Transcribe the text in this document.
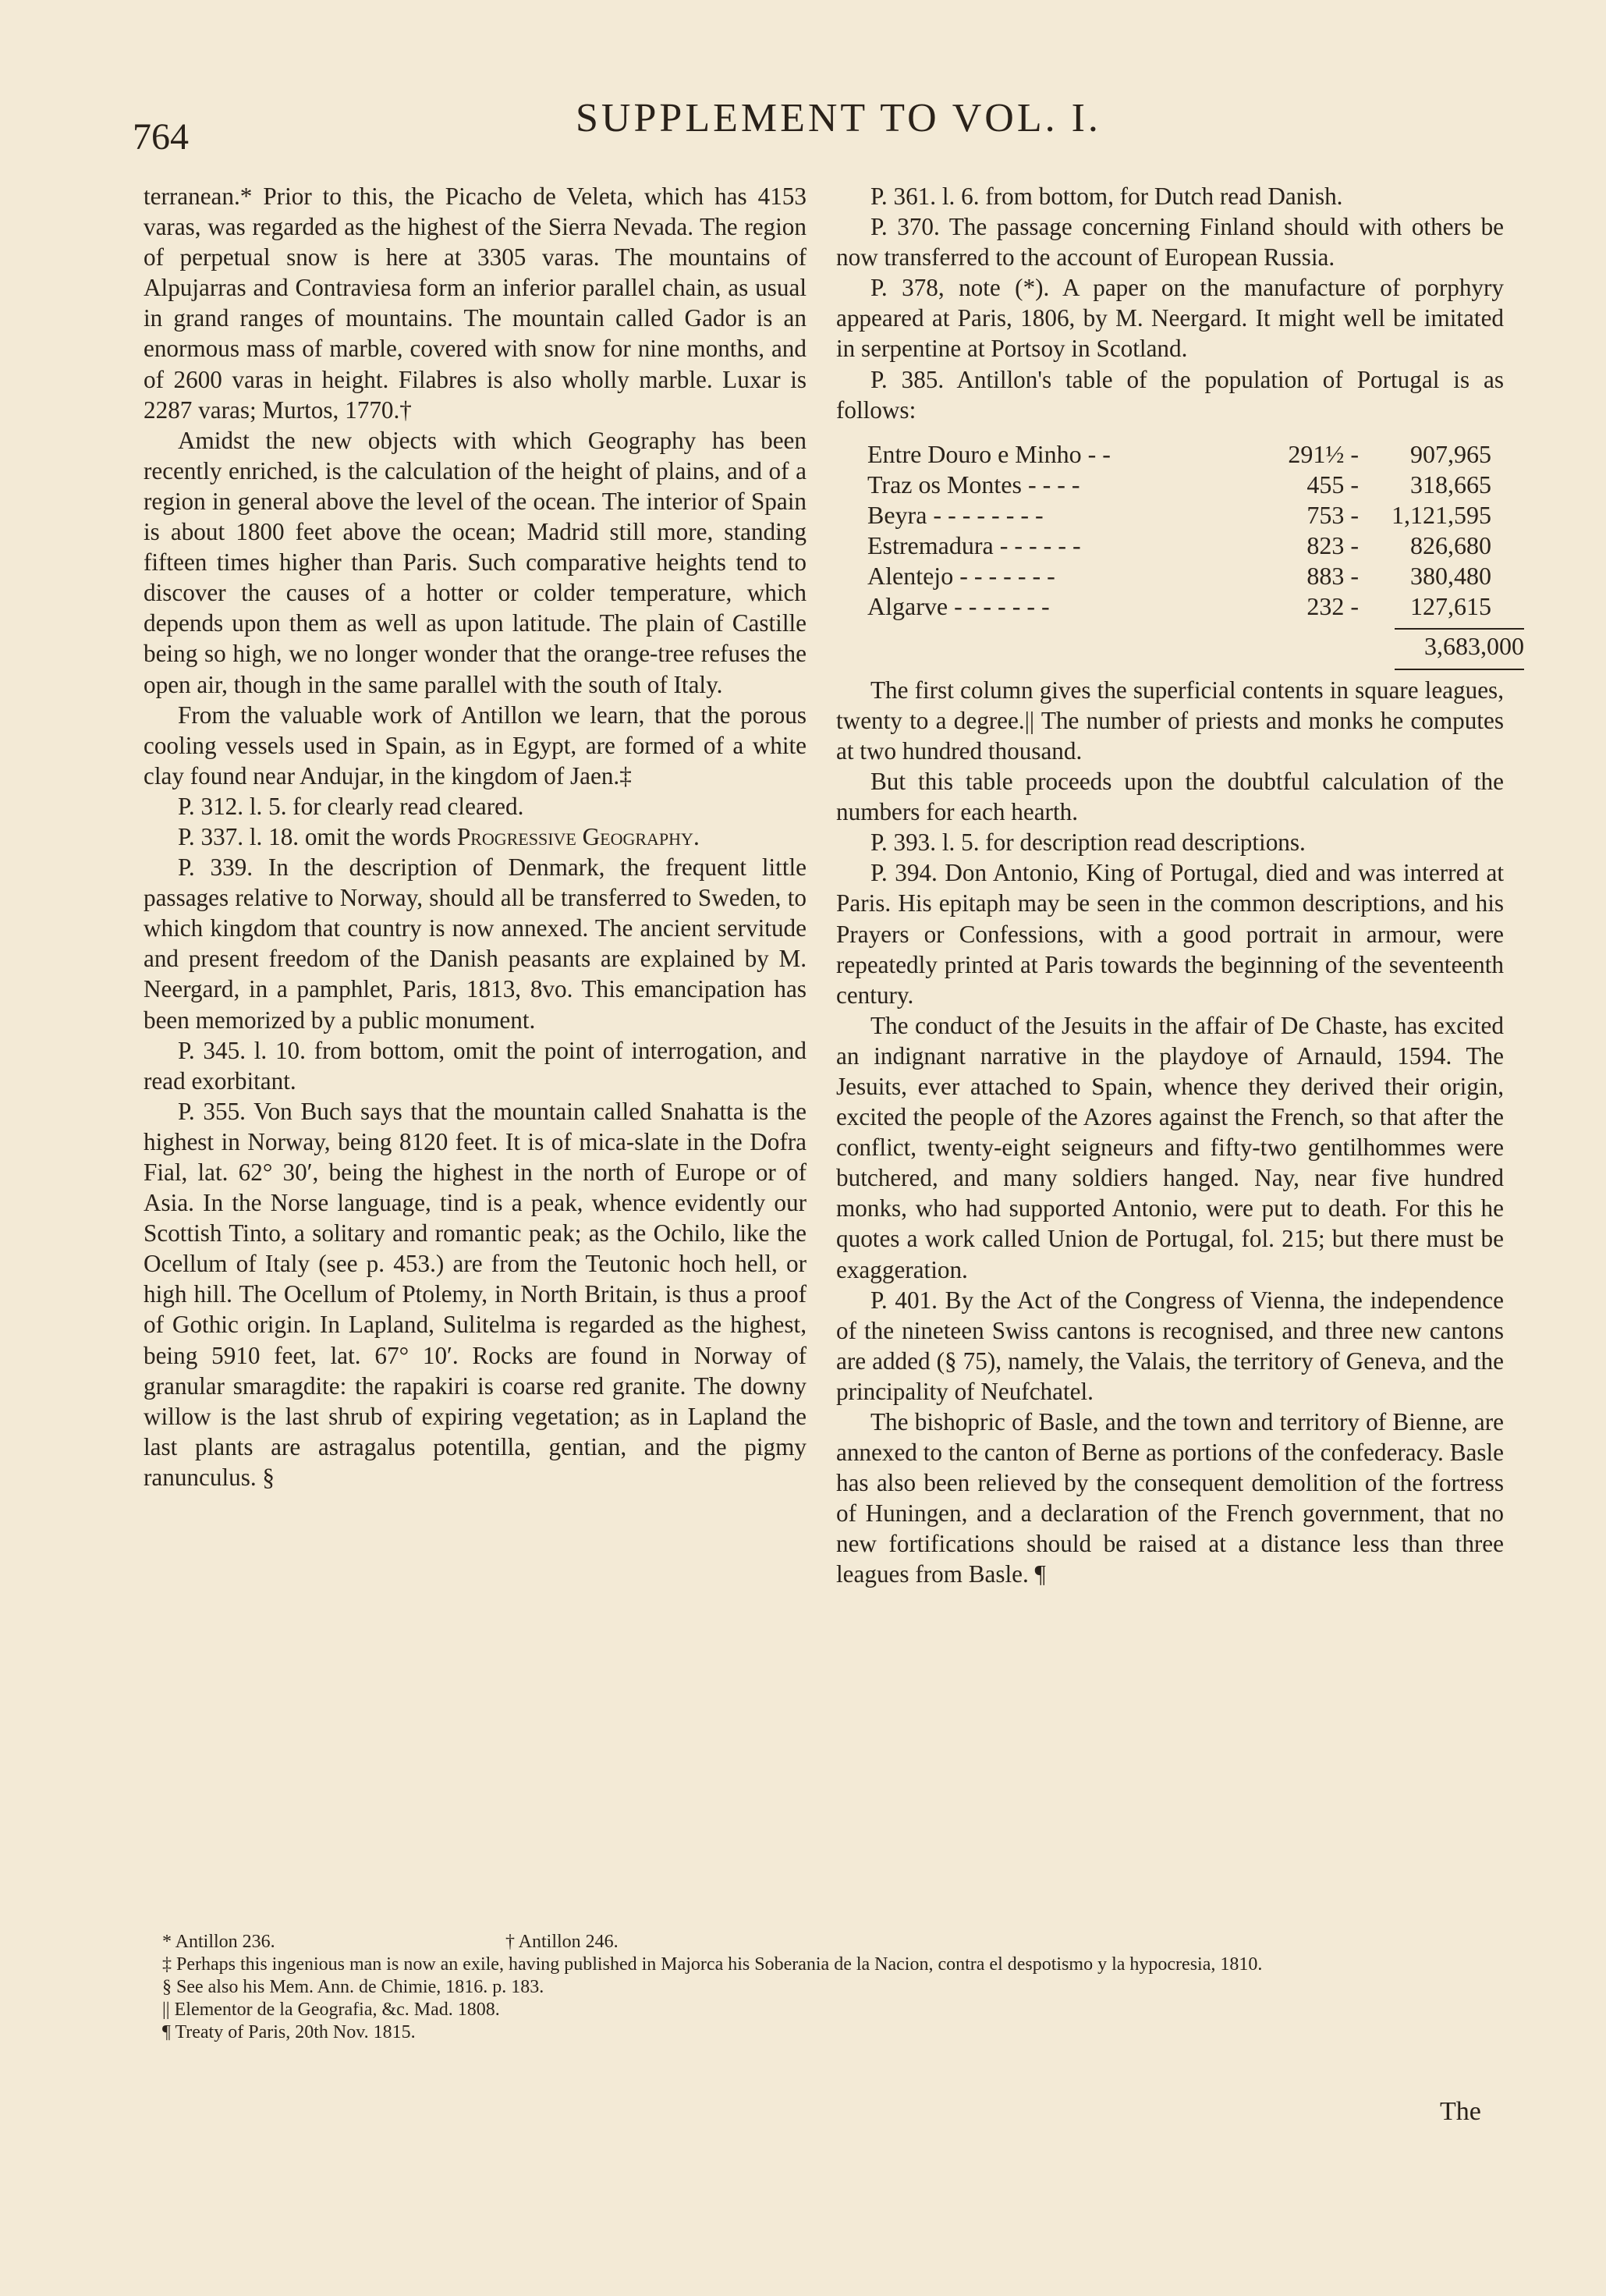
764	SUPPLEMENT TO VOL. I.

terranean.* Prior to this, the Picacho de Veleta, which has 4153 varas, was regarded as the highest of the Sierra Nevada. The region of perpetual snow is here at 3305 varas. The mountains of Alpujarras and Contraviesa form an inferior parallel chain, as usual in grand ranges of mountains. The mountain called Gador is an enormous mass of marble, covered with snow for nine months, and of 2600 varas in height. Filabres is also wholly marble. Luxar is 2287 varas; Murtos, 1770.†

Amidst the new objects with which Geography has been recently enriched, is the calculation of the height of plains, and of a region in general above the level of the ocean. The interior of Spain is about 1800 feet above the ocean; Madrid still more, standing fifteen times higher than Paris. Such comparative heights tend to discover the causes of a hotter or colder temperature, which depends upon them as well as upon latitude. The plain of Castille being so high, we no longer wonder that the orange-tree refuses the open air, though in the same parallel with the south of Italy.

From the valuable work of Antillon we learn, that the porous cooling vessels used in Spain, as in Egypt, are formed of a white clay found near Andujar, in the kingdom of Jaen.‡

P. 312. l. 5. for clearly read cleared.

P. 337. l. 18. omit the words Progressive Geography.

P. 339. In the description of Denmark, the frequent little passages relative to Norway, should all be transferred to Sweden, to which kingdom that country is now annexed. The ancient servitude and present freedom of the Danish peasants are explained by M. Neergard, in a pamphlet, Paris, 1813, 8vo. This emancipation has been memorized by a public monument.

P. 345. l. 10. from bottom, omit the point of interrogation, and read exorbitant.

P. 355. Von Buch says that the mountain called Snahatta is the highest in Norway, being 8120 feet. It is of mica-slate in the Dofra Fial, lat. 62° 30′, being the highest in the north of Europe or of Asia. In the Norse language, tind is a peak, whence evidently our Scottish Tinto, a solitary and romantic peak; as the Ochilo, like the Ocellum of Italy (see p. 453.) are from the Teutonic hoch hell, or high hill. The Ocellum of Ptolemy, in North Britain, is thus a proof of Gothic origin. In Lapland, Sulitelma is regarded as the highest, being 5910 feet, lat. 67° 10′. Rocks are found in Norway of granular smaragdite: the rapakiri is coarse red granite. The downy willow is the last shrub of expiring vegetation; as in Lapland the last plants are astragalus potentilla, gentian, and the pigmy ranunculus. §

P. 361. l. 6. from bottom, for Dutch read Danish.

P. 370. The passage concerning Finland should with others be now transferred to the account of European Russia.

P. 378, note (*). A paper on the manufacture of porphyry appeared at Paris, 1806, by M. Neergard. It might well be imitated in serpentine at Portsoy in Scotland.

P. 385. Antillon's table of the population of Portugal is as follows:

Entre Douro e Minho - -	291½ -	907,965
Traz os Montes - - - -	455 -	318,665
Beyra - - - - - - - -	753 -	1,121,595
Estremadura - - - - - -	823 -	826,680
Alentejo - - - - - - -	883 -	380,480
Algarve - - - - - - -	232 -	127,615
3,683,000

The first column gives the superficial contents in square leagues, twenty to a degree.|| The number of priests and monks he computes at two hundred thousand.

But this table proceeds upon the doubtful calculation of the numbers for each hearth.

P. 393. l. 5. for description read descriptions.

P. 394. Don Antonio, King of Portugal, died and was interred at Paris. His epitaph may be seen in the common descriptions, and his Prayers or Confessions, with a good portrait in armour, were repeatedly printed at Paris towards the beginning of the seventeenth century.

The conduct of the Jesuits in the affair of De Chaste, has excited an indignant narrative in the playdoye of Arnauld, 1594. The Jesuits, ever attached to Spain, whence they derived their origin, excited the people of the Azores against the French, so that after the conflict, twenty-eight seigneurs and fifty-two gentilhommes were butchered, and many soldiers hanged. Nay, near five hundred monks, who had supported Antonio, were put to death. For this he quotes a work called Union de Portugal, fol. 215; but there must be exaggeration.

P. 401. By the Act of the Congress of Vienna, the independence of the nineteen Swiss cantons is recognised, and three new cantons are added (§ 75), namely, the Valais, the territory of Geneva, and the principality of Neufchatel.

The bishopric of Basle, and the town and territory of Bienne, are annexed to the canton of Berne as portions of the confederacy. Basle has also been relieved by the consequent demolition of the fortress of Huningen, and a declaration of the French government, that no new fortifications should be raised at a distance less than three leagues from Basle. ¶

* Antillon 236.	† Antillon 246.

‡ Perhaps this ingenious man is now an exile, having published in Majorca his Soberania de la Nacion, contra el despotismo y la hypocresia, 1810.

§ See also his Mem. Ann. de Chimie, 1816. p. 183.

|| Elementor de la Geografia, &c. Mad. 1808.

¶ Treaty of Paris, 20th Nov. 1815.

The
